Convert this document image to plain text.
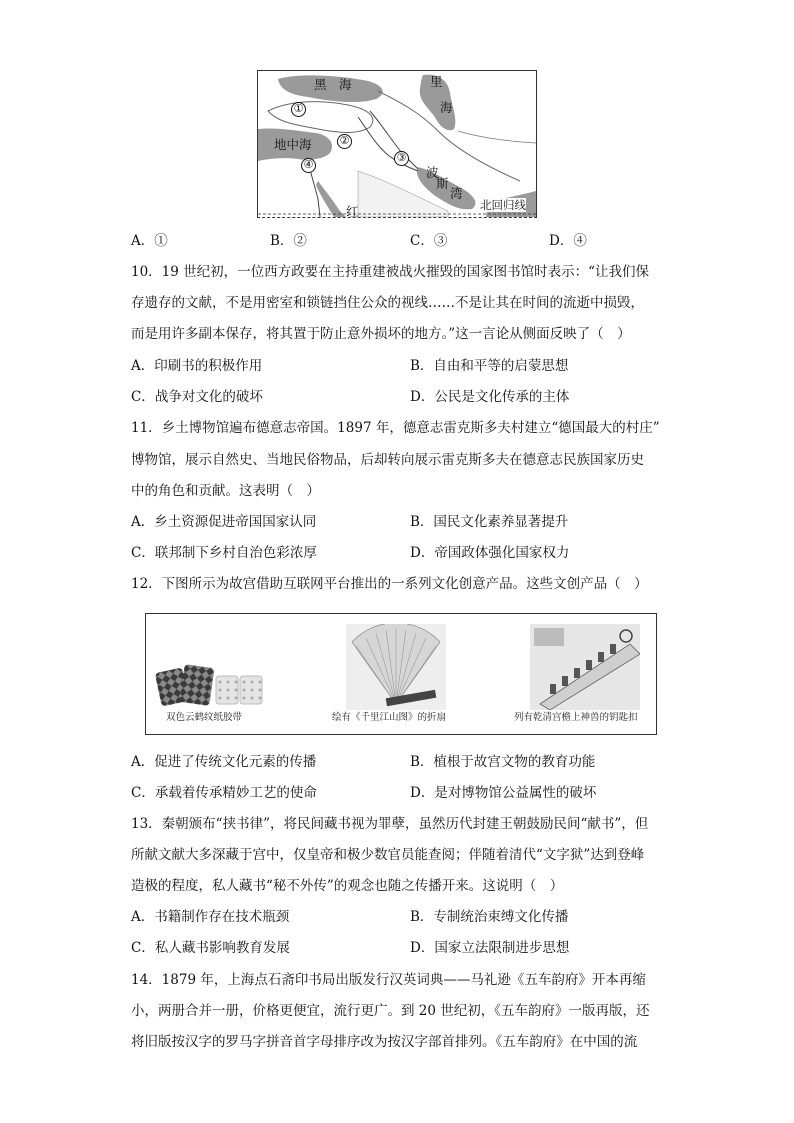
黑　海	里
海
地中海
波
斯
湾
红	北回归线
①
②
③
④
A．①	B．②	C．③	D．④
10．19 世纪初，一位西方政要在主持重建被战火摧毁的国家图书馆时表示：“让我们保
存遗存的文献，不是用密室和锁链挡住公众的视线……不是让其在时间的流逝中损毁，
而是用许多副本保存，将其置于防止意外损坏的地方。”这一言论从侧面反映了（　）
A．印刷书的积极作用	B．自由和平等的启蒙思想
C．战争对文化的破坏	D．公民是文化传承的主体
11．乡土博物馆遍布德意志帝国。1897 年，德意志雷克斯多夫村建立“德国最大的村庄”
博物馆，展示自然史、当地民俗物品，后却转向展示雷克斯多夫在德意志民族国家历史
中的角色和贡献。这表明（　）
A．乡土资源促进帝国国家认同	B．国民文化素养显著提升
C．联邦制下乡村自治色彩浓厚	D．帝国政体强化国家权力
12．下图所示为故宫借助互联网平台推出的一系列文化创意产品。这些文创产品（　）
双色云鹤纹纸胶带	绘有《千里江山图》的折扇	列有乾清宫檐上神兽的钥匙扣
A．促进了传统文化元素的传播	B．植根于故宫文物的教育功能
C．承载着传承精妙工艺的使命	D．是对博物馆公益属性的破坏
13．秦朝颁布“挟书律”，将民间藏书视为罪孽，虽然历代封建王朝鼓励民间“献书”，但
所献文献大多深藏于宫中，仅皇帝和极少数官员能查阅；伴随着清代“文字狱”达到登峰
造极的程度，私人藏书“秘不外传”的观念也随之传播开来。这说明（　）
A．书籍制作存在技术瓶颈	B．专制统治束缚文化传播
C．私人藏书影响教育发展	D．国家立法限制进步思想
14．1879 年，上海点石斋印书局出版发行汉英词典——马礼逊《五车韵府》开本再缩
小，两册合并一册，价格更便宜，流行更广。到 20 世纪初，《五车韵府》一版再版，还
将旧版按汉字的罗马字拼音首字母排序改为按汉字部首排列。《五车韵府》在中国的流
